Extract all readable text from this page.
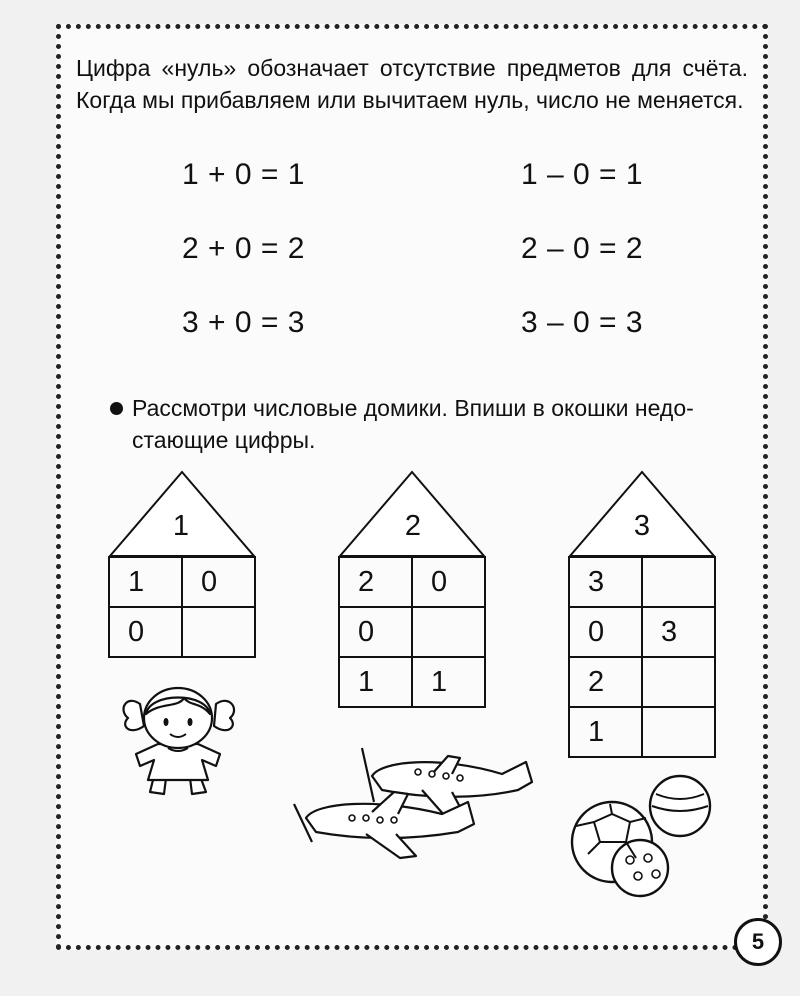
Цифра «нуль» обозначает отсутствие предметов для счёта. Когда мы прибавляем или вычитаем нуль, число не меняется.

1 + 0 = 1
2 + 0 = 2
3 + 0 = 3
1 – 0 = 1
2 – 0 = 2
3 – 0 = 3
Рассмотри числовые домики. Впиши в окошки недо-стающие цифры.
1
1	0
0	
2
2	0
0	
1	1
3
3	
0	3
2	
1	
5
